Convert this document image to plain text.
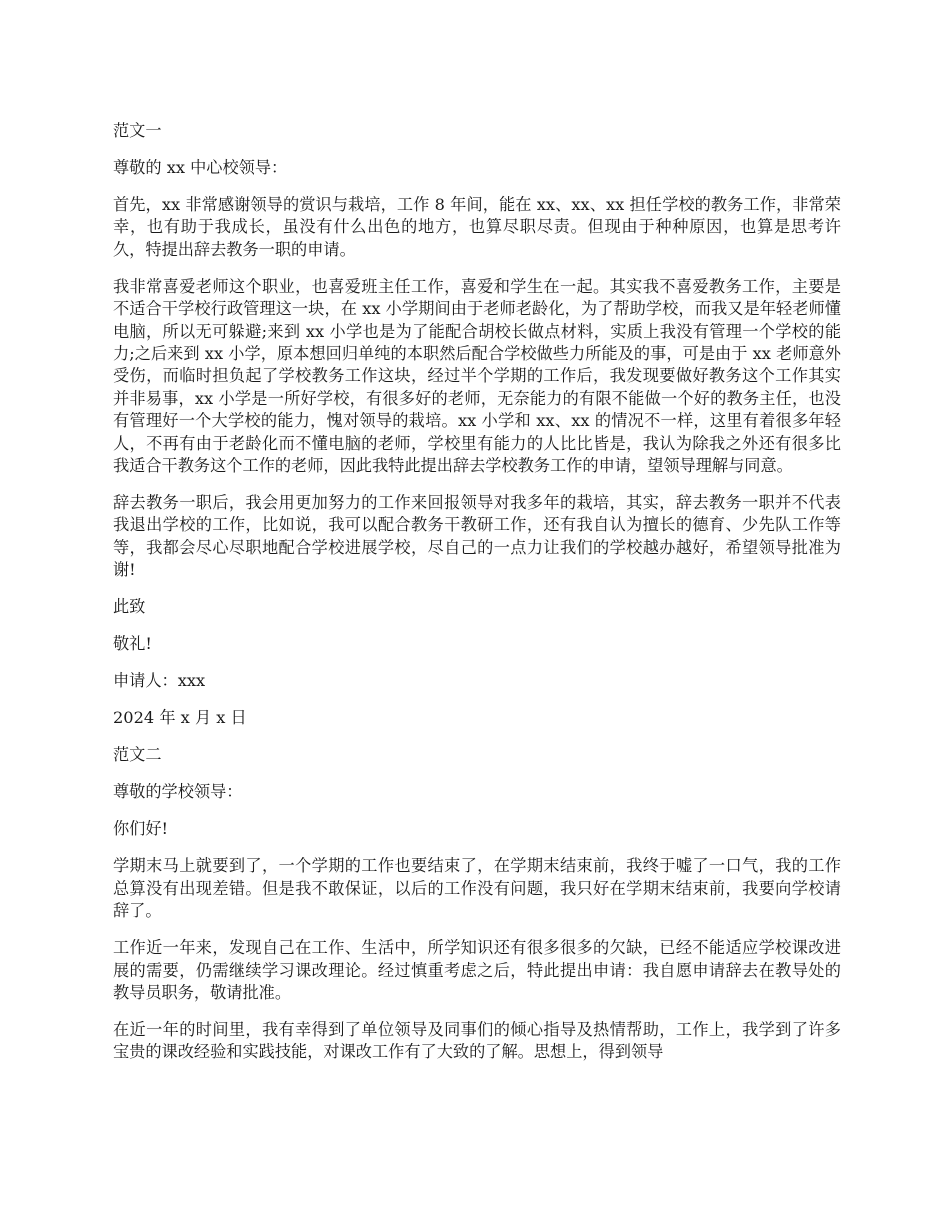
范文一

尊敬的 xx 中心校领导：

首先，xx 非常感谢领导的赏识与栽培，工作 8 年间，能在 xx、xx、xx 担任学校的教务工作，非常荣幸，也有助于我成长，虽没有什么出色的地方，也算尽职尽责。但现由于种种原因，也算是思考许久，特提出辞去教务一职的申请。

我非常喜爱老师这个职业，也喜爱班主任工作，喜爱和学生在一起。其实我不喜爱教务工作，主要是不适合干学校行政管理这一块，在 xx 小学期间由于老师老龄化，为了帮助学校，而我又是年轻老师懂电脑，所以无可躲避;来到 xx 小学也是为了能配合胡校长做点材料，实质上我没有管理一个学校的能力;之后来到 xx 小学，原本想回归单纯的本职然后配合学校做些力所能及的事，可是由于 xx 老师意外受伤，而临时担负起了学校教务工作这块，经过半个学期的工作后，我发现要做好教务这个工作其实并非易事，xx 小学是一所好学校，有很多好的老师，无奈能力的有限不能做一个好的教务主任，也没有管理好一个大学校的能力，愧对领导的栽培。xx 小学和 xx、xx 的情况不一样，这里有着很多年轻人，不再有由于老龄化而不懂电脑的老师，学校里有能力的人比比皆是，我认为除我之外还有很多比我适合干教务这个工作的老师，因此我特此提出辞去学校教务工作的申请，望领导理解与同意。

辞去教务一职后，我会用更加努力的工作来回报领导对我多年的栽培，其实，辞去教务一职并不代表我退出学校的工作，比如说，我可以配合教务干教研工作，还有我自认为擅长的德育、少先队工作等等，我都会尽心尽职地配合学校进展学校，尽自己的一点力让我们的学校越办越好，希望领导批准为谢!

此致

敬礼!

申请人：xxx

2024 年 x 月 x 日

范文二

尊敬的学校领导：

你们好!

学期末马上就要到了，一个学期的工作也要结束了，在学期末结束前，我终于嘘了一口气，我的工作总算没有出现差错。但是我不敢保证，以后的工作没有问题，我只好在学期末结束前，我要向学校请辞了。

工作近一年来，发现自己在工作、生活中，所学知识还有很多很多的欠缺，已经不能适应学校课改进展的需要，仍需继续学习课改理论。经过慎重考虑之后，特此提出申请：我自愿申请辞去在教导处的教导员职务，敬请批准。

在近一年的时间里，我有幸得到了单位领导及同事们的倾心指导及热情帮助，工作上，我学到了许多宝贵的课改经验和实践技能，对课改工作有了大致的了解。思想上，得到领导
